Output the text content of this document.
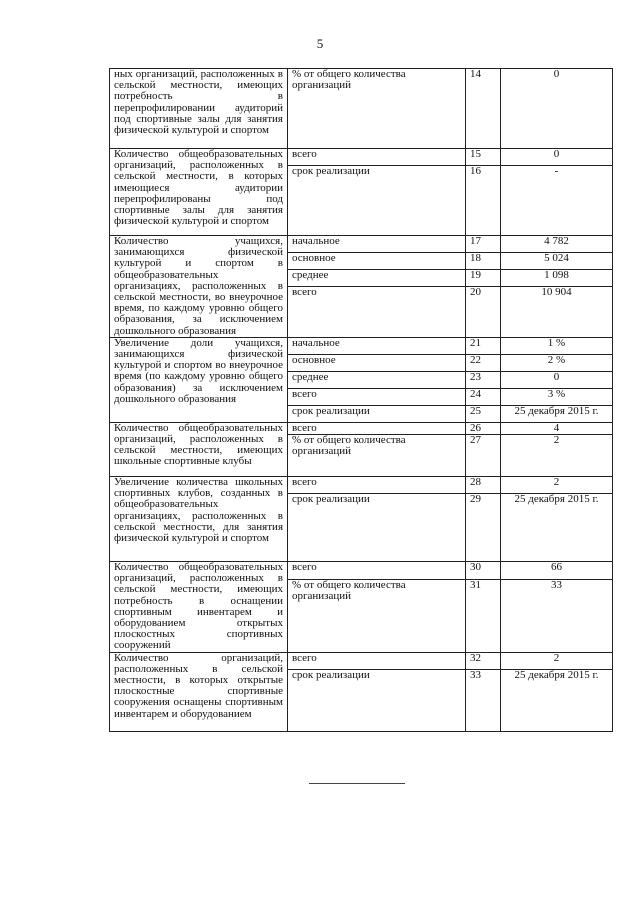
5
ных организаций, расположенных в сельской местности, имеющих потребность в перепрофилировании аудиторий под спортивные залы для занятия физической культурой и спортом	% от общего количества организаций	14	0
Количество общеобразовательных организаций, расположенных в сельской местности, в которых имеющиеся аудитории перепрофилированы под спортивные залы для занятия физической культурой и спортом	всего	15	0
	срок реализации	16	-
Количество учащихся, занимающихся физической культурой и спортом в общеобразовательных организациях, расположенных в сельской местности, во внеурочное время, по каждому уровню общего образования, за исключением дошкольного образования	начальное	17	4 782
	основное	18	5 024
	среднее	19	1 098
	всего	20	10 904
Увеличение доли учащихся, занимающихся физической культурой и спортом во внеурочное время (по каждому уровню общего образования) за исключением дошкольного образования	начальное	21	1 %
	основное	22	2 %
	среднее	23	0
	всего	24	3 %
	срок реализации	25	25 декабря 2015 г.
Количество общеобразовательных организаций, расположенных в сельской местности, имеющих школьные спортивные клубы	всего	26	4
	% от общего количества организаций	27	2
Увеличение количества школьных спортивных клубов, созданных в общеобразовательных организациях, расположенных в сельской местности, для занятия физической культурой и спортом	всего	28	2
	срок реализации	29	25 декабря 2015 г.
Количество общеобразовательных организаций, расположенных в сельской местности, имеющих потребность в оснащении спортивным инвентарем и оборудованием открытых плоскостных спортивных сооружений	всего	30	66
	% от общего количества организаций	31	33
Количество организаций, расположенных в сельской местности, в которых открытые плоскостные спортивные сооружения оснащены спортивным инвентарем и оборудованием	всего	32	2
	срок реализации	33	25 декабря 2015 г.
